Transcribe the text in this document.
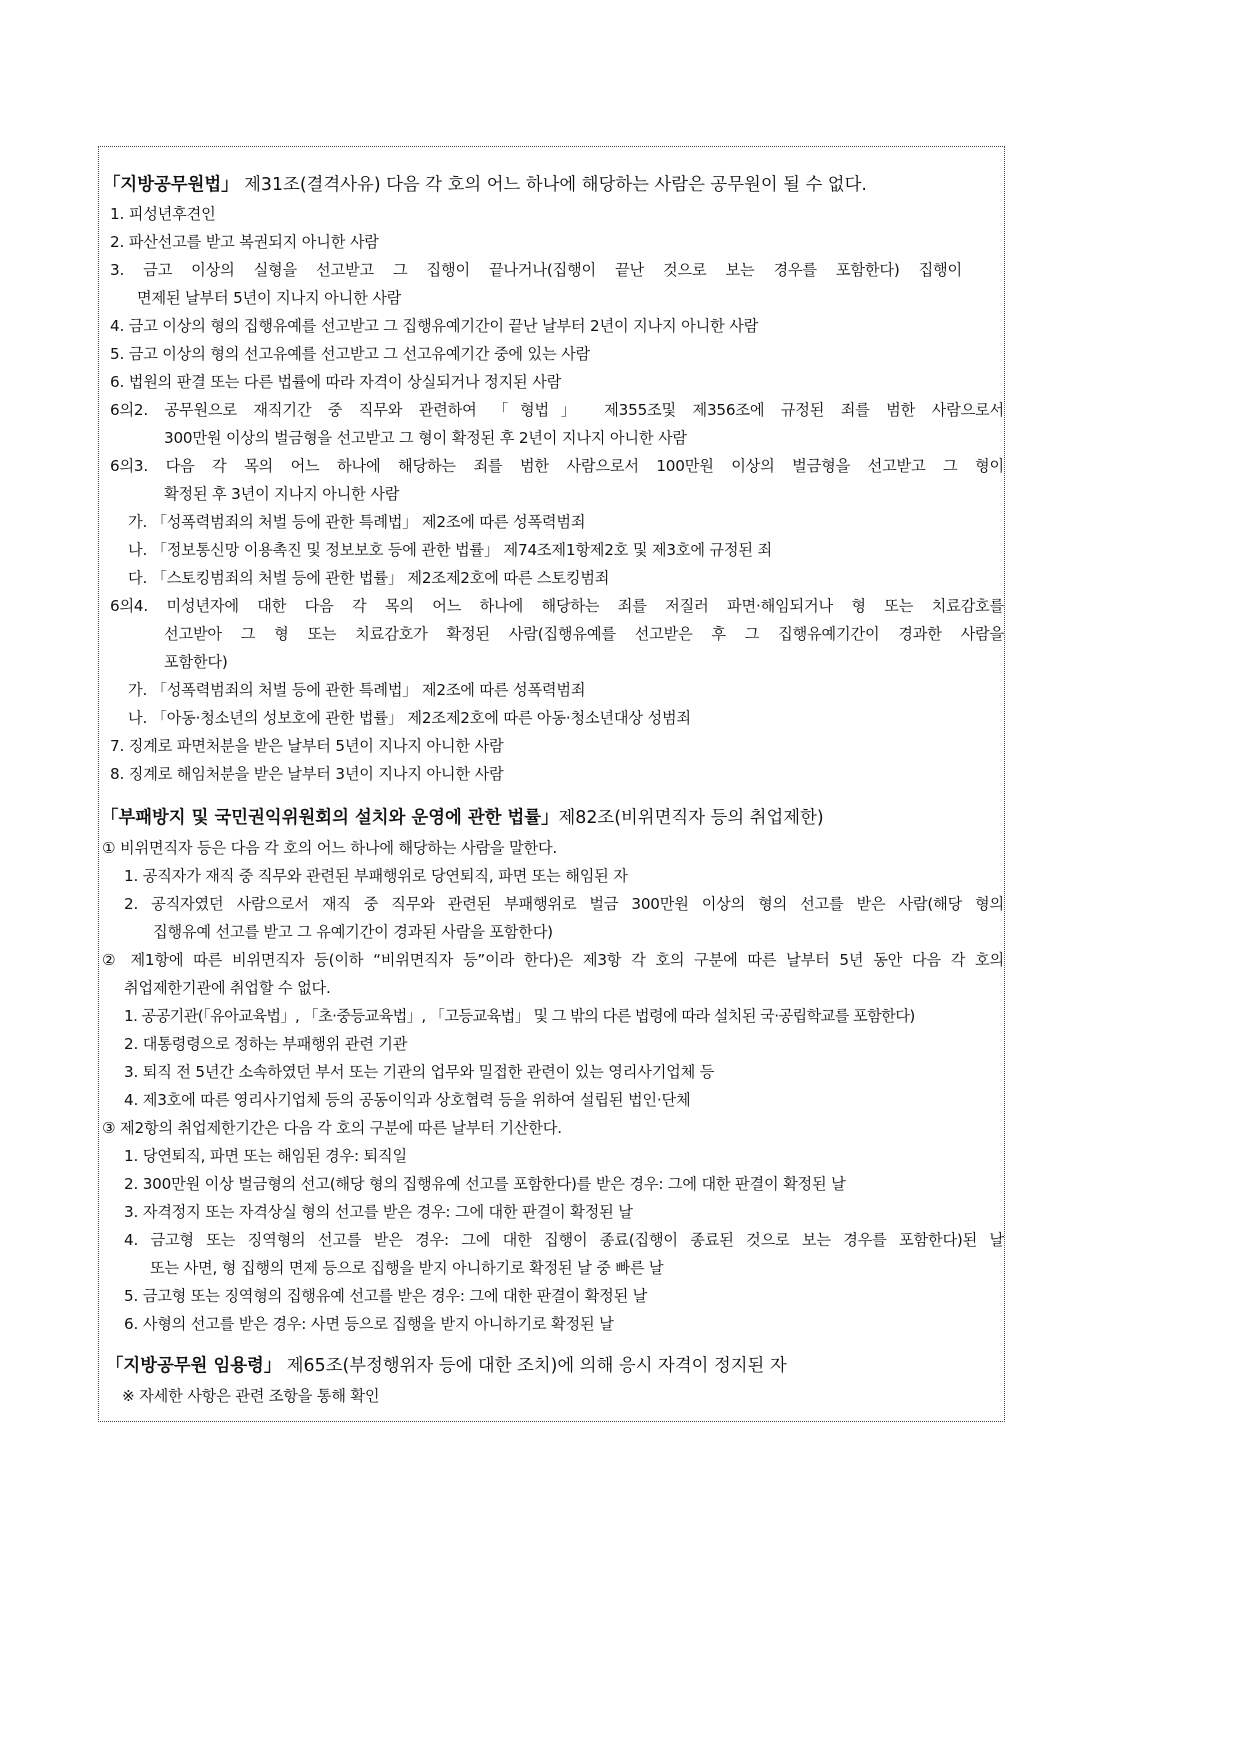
「지방공무원법」 제31조(결격사유) 다음 각 호의 어느 하나에 해당하는 사람은 공무원이 될 수 없다.
1. 피성년후견인
2. 파산선고를 받고 복권되지 아니한 사람
3. 금고 이상의 실형을 선고받고 그 집행이 끝나거나(집행이 끝난 것으로 보는 경우를 포함한다) 집행이
면제된 날부터 5년이 지나지 아니한 사람
4. 금고 이상의 형의 집행유예를 선고받고 그 집행유예기간이 끝난 날부터 2년이 지나지 아니한 사람
5. 금고 이상의 형의 선고유예를 선고받고 그 선고유예기간 중에 있는 사람
6. 법원의 판결 또는 다른 법률에 따라 자격이 상실되거나 정지된 사람
6의2. 공무원으로 재직기간 중 직무와 관련하여 「형법」 제355조및 제356조에 규정된 죄를 범한 사람으로서
300만원 이상의 벌금형을 선고받고 그 형이 확정된 후 2년이 지나지 아니한 사람
6의3. 다음 각 목의 어느 하나에 해당하는 죄를 범한 사람으로서 100만원 이상의 벌금형을 선고받고 그 형이
확정된 후 3년이 지나지 아니한 사람
가. 「성폭력범죄의 처벌 등에 관한 특례법」 제2조에 따른 성폭력범죄
나. 「정보통신망 이용촉진 및 정보보호 등에 관한 법률」 제74조제1항제2호 및 제3호에 규정된 죄
다. 「스토킹범죄의 처벌 등에 관한 법률」 제2조제2호에 따른 스토킹범죄
6의4. 미성년자에 대한 다음 각 목의 어느 하나에 해당하는 죄를 저질러 파면·해임되거나 형 또는 치료감호를
선고받아 그 형 또는 치료감호가 확정된 사람(집행유예를 선고받은 후 그 집행유예기간이 경과한 사람을
포함한다)
가. 「성폭력범죄의 처벌 등에 관한 특례법」 제2조에 따른 성폭력범죄
나. 「아동·청소년의 성보호에 관한 법률」 제2조제2호에 따른 아동·청소년대상 성범죄
7. 징계로 파면처분을 받은 날부터 5년이 지나지 아니한 사람
8. 징계로 해임처분을 받은 날부터 3년이 지나지 아니한 사람
「부패방지 및 국민권익위원회의 설치와 운영에 관한 법률」제82조(비위면직자 등의 취업제한)
① 비위면직자 등은 다음 각 호의 어느 하나에 해당하는 사람을 말한다.
1. 공직자가 재직 중 직무와 관련된 부패행위로 당연퇴직, 파면 또는 해임된 자
2. 공직자였던 사람으로서 재직 중 직무와 관련된 부패행위로 벌금 300만원 이상의 형의 선고를 받은 사람(해당 형의
집행유예 선고를 받고 그 유예기간이 경과된 사람을 포함한다)
② 제1항에 따른 비위면직자 등(이하 “비위면직자 등”이라 한다)은 제3항 각 호의 구분에 따른 날부터 5년 동안 다음 각 호의
취업제한기관에 취업할 수 없다.
1. 공공기관(「유아교육법」, 「초·중등교육법」, 「고등교육법」 및 그 밖의 다른 법령에 따라 설치된 국·공립학교를 포함한다)
2. 대통령령으로 정하는 부패행위 관련 기관
3. 퇴직 전 5년간 소속하였던 부서 또는 기관의 업무와 밀접한 관련이 있는 영리사기업체 등
4. 제3호에 따른 영리사기업체 등의 공동이익과 상호협력 등을 위하여 설립된 법인·단체
③ 제2항의 취업제한기간은 다음 각 호의 구분에 따른 날부터 기산한다.
1. 당연퇴직, 파면 또는 해임된 경우: 퇴직일
2. 300만원 이상 벌금형의 선고(해당 형의 집행유예 선고를 포함한다)를 받은 경우: 그에 대한 판결이 확정된 날
3. 자격정지 또는 자격상실 형의 선고를 받은 경우: 그에 대한 판결이 확정된 날
4. 금고형 또는 징역형의 선고를 받은 경우: 그에 대한 집행이 종료(집행이 종료된 것으로 보는 경우를 포함한다)된 날
또는 사면, 형 집행의 면제 등으로 집행을 받지 아니하기로 확정된 날 중 빠른 날
5. 금고형 또는 징역형의 집행유예 선고를 받은 경우: 그에 대한 판결이 확정된 날
6. 사형의 선고를 받은 경우: 사면 등으로 집행을 받지 아니하기로 확정된 날
「지방공무원 임용령」 제65조(부정행위자 등에 대한 조치)에 의해 응시 자격이 정지된 자
※ 자세한 사항은 관련 조항을 통해 확인
